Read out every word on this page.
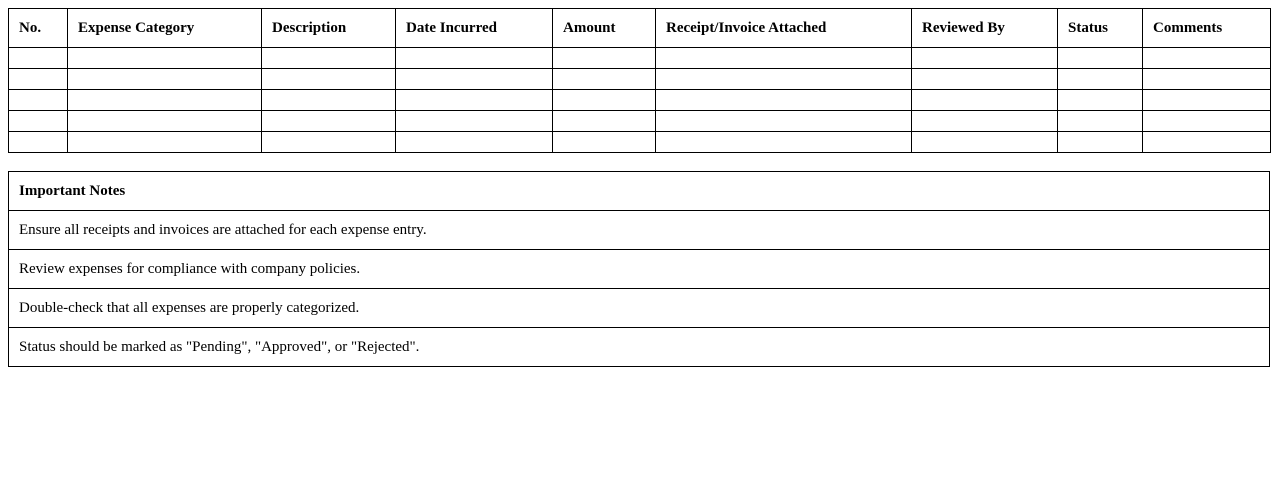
No.	Expense Category	Description	Date Incurred	Amount	Receipt/Invoice Attached	Reviewed By	Status	Comments

Important Notes
Ensure all receipts and invoices are attached for each expense entry.
Review expenses for compliance with company policies.
Double-check that all expenses are properly categorized.
Status should be marked as "Pending", "Approved", or "Rejected".
